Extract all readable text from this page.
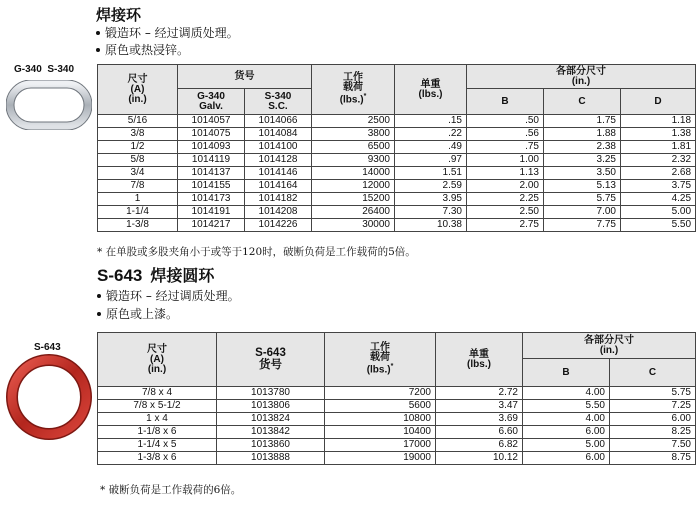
焊接环
锻造环 – 经过调质处理。
原色或热浸锌。
G-340  S-340
尺寸
(A)
(in.)	货号		工作
载荷
(lbs.)*	单重
(lbs.)	各部分尺寸
(in.)		
	G-340
Galv.	S-340
S.C.			B	C	D
5/16	1014057	1014066	2500	.15	.50	1.75	1.18
3/8	1014075	1014084	3800	.22	.56	1.88	1.38
1/2	1014093	1014100	6500	.49	.75	2.38	1.81
5/8	1014119	1014128	9300	.97	1.00	3.25	2.32
3/4	1014137	1014146	14000	1.51	1.13	3.50	2.68
7/8	1014155	1014164	12000	2.59	2.00	5.13	3.75
1	1014173	1014182	15200	3.95	2.25	5.75	4.25
1-1/4	1014191	1014208	26400	7.30	2.50	7.00	5.00
1-3/8	1014217	1014226	30000	10.38	2.75	7.75	5.50
* 在单股或多股夹角小于或等于120时，破断负荷是工作载荷的5倍。
S-643 焊接圆环
锻造环 – 经过调质处理。
原色或上漆。
S-643	尺寸
(A)
(in.)	S-643
货号	工作
载荷
(lbs.)*	单重
(lbs.)	各部分尺寸
(in.)	
				B	C
7/8 x 4	1013780	7200	2.72	4.00	5.75
7/8 x 5-1/2	1013806	5600	3.47	5.50	7.25
1 x 4	1013824	10800	3.69	4.00	6.00
1-1/8 x 6	1013842	10400	6.60	6.00	8.25
1-1/4 x 5	1013860	17000	6.82	5.00	7.50
1-3/8 x 6	1013888	19000	10.12	6.00	8.75
* 破断负荷是工作载荷的6倍。
